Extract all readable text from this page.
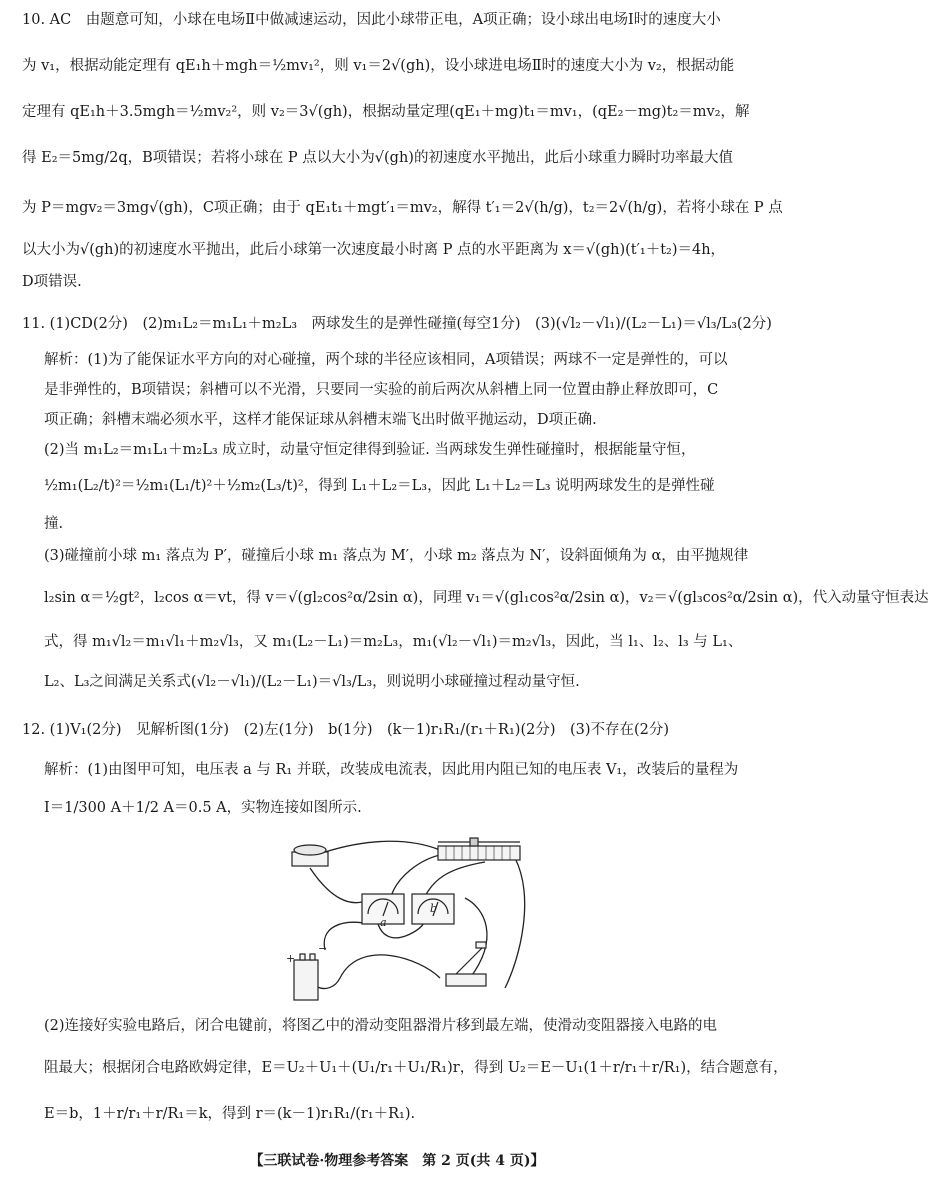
10. AC　由题意可知，小球在电场Ⅱ中做减速运动，因此小球带正电，A项正确；设小球出电场Ⅰ时的速度大小
为 v₁，根据动能定理有 qE₁h＋mgh＝½mv₁²，则 v₁＝2√(gh)，设小球进电场Ⅱ时的速度大小为 v₂，根据动能
定理有 qE₁h＋3.5mgh＝½mv₂²，则 v₂＝3√(gh)，根据动量定理(qE₁＋mg)t₁＝mv₁，(qE₂－mg)t₂＝mv₂，解
得 E₂＝5mg/2q，B项错误；若将小球在 P 点以大小为√(gh)的初速度水平抛出，此后小球重力瞬时功率最大值
为 P＝mgv₂＝3mg√(gh)，C项正确；由于 qE₁t₁＋mgt′₁＝mv₂，解得 t′₁＝2√(h/g)，t₂＝2√(h/g)，若将小球在 P 点
以大小为√(gh)的初速度水平抛出，此后小球第一次速度最小时离 P 点的水平距离为 x＝√(gh)(t′₁＋t₂)＝4h，
D项错误.
11. (1)CD(2分)　(2)m₁L₂＝m₁L₁＋m₂L₃　两球发生的是弹性碰撞(每空1分)　(3)(√l₂－√l₁)/(L₂－L₁)＝√l₃/L₃(2分)
解析：(1)为了能保证水平方向的对心碰撞，两个球的半径应该相同，A项错误；两球不一定是弹性的，可以
是非弹性的，B项错误；斜槽可以不光滑，只要同一实验的前后两次从斜槽上同一位置由静止释放即可，C
项正确；斜槽末端必须水平，这样才能保证球从斜槽末端飞出时做平抛运动，D项正确.
(2)当 m₁L₂＝m₁L₁＋m₂L₃ 成立时，动量守恒定律得到验证. 当两球发生弹性碰撞时，根据能量守恒，
½m₁(L₂/t)²＝½m₁(L₁/t)²＋½m₂(L₃/t)²，得到 L₁＋L₂＝L₃，因此 L₁＋L₂＝L₃ 说明两球发生的是弹性碰
撞.
(3)碰撞前小球 m₁ 落点为 P′，碰撞后小球 m₁ 落点为 M′，小球 m₂ 落点为 N′，设斜面倾角为 α，由平抛规律
l₂sin α＝½gt²，l₂cos α＝vt，得 v＝√(gl₂cos²α/2sin α)，同理 v₁＝√(gl₁cos²α/2sin α)，v₂＝√(gl₃cos²α/2sin α)，代入动量守恒表达
式，得 m₁√l₂＝m₁√l₁＋m₂√l₃，又 m₁(L₂－L₁)＝m₂L₃，m₁(√l₂－√l₁)＝m₂√l₃，因此，当 l₁、l₂、l₃ 与 L₁、
L₂、L₃之间满足关系式(√l₂－√l₁)/(L₂－L₁)＝√l₃/L₃，则说明小球碰撞过程动量守恒.
12. (1)V₁(2分)　见解析图(1分)　(2)左(1分)　b(1分)　(k－1)r₁R₁/(r₁＋R₁)(2分)　(3)不存在(2分)
解析：(1)由图甲可知，电压表 a 与 R₁ 并联，改装成电流表，因此用内阻已知的电压表 V₁，改装后的量程为
I＝1/300 A＋1/2 A＝0.5 A，实物连接如图所示.
a
b
+
−
(2)连接好实验电路后，闭合电键前，将图乙中的滑动变阻器滑片移到最左端，使滑动变阻器接入电路的电
阻最大；根据闭合电路欧姆定律，E＝U₂＋U₁＋(U₁/r₁＋U₁/R₁)r，得到 U₂＝E－U₁(1＋r/r₁＋r/R₁)，结合题意有，
E＝b，1＋r/r₁＋r/R₁＝k，得到 r＝(k－1)r₁R₁/(r₁＋R₁).
【三联试卷·物理参考答案　第 2 页(共 4 页)】
